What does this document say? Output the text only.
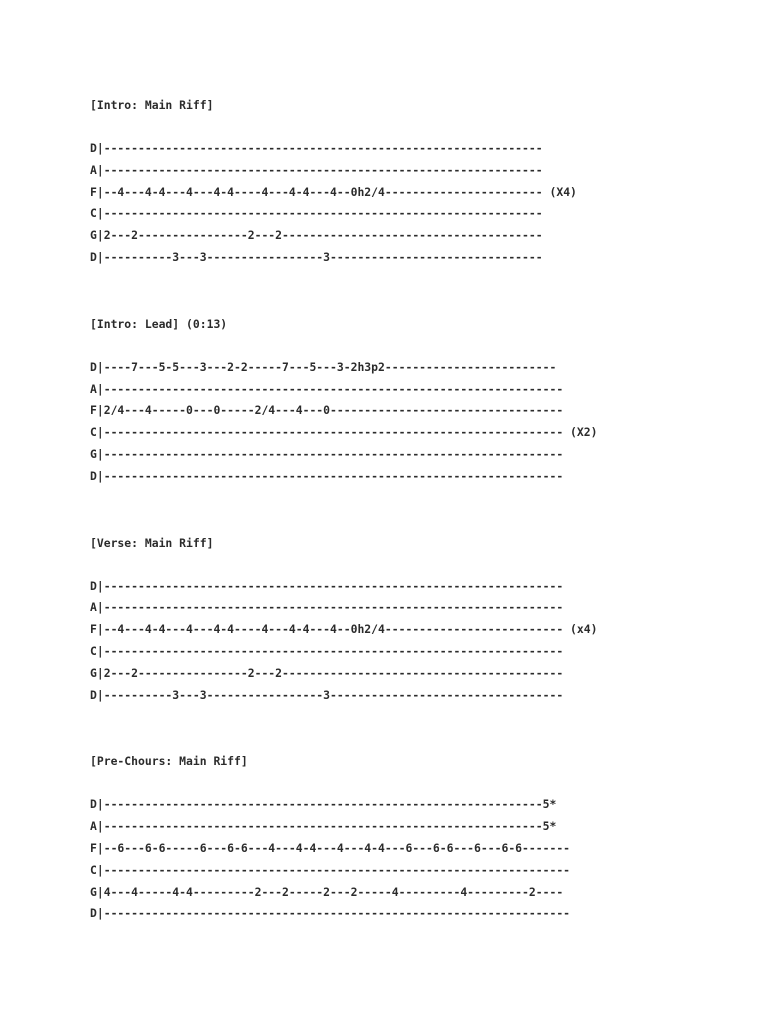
[Intro: Main Riff]
D|----------------------------------------------------------------
A|----------------------------------------------------------------
F|--4---4-4---4---4-4----4---4-4---4--0h2/4----------------------- (X4)
C|----------------------------------------------------------------
G|2---2----------------2---2--------------------------------------
D|----------3---3-----------------3-------------------------------
[Intro: Lead] (0:13)
D|----7---5-5---3---2-2-----7---5---3-2h3p2-------------------------
A|-------------------------------------------------------------------
F|2/4---4-----0---0-----2/4---4---0----------------------------------
C|------------------------------------------------------------------- (X2)
G|-------------------------------------------------------------------
D|-------------------------------------------------------------------
[Verse: Main Riff]
D|-------------------------------------------------------------------
A|-------------------------------------------------------------------
F|--4---4-4---4---4-4----4---4-4---4--0h2/4-------------------------- (x4)
C|-------------------------------------------------------------------
G|2---2----------------2---2-----------------------------------------
D|----------3---3-----------------3----------------------------------
[Pre-Chours: Main Riff]
D|----------------------------------------------------------------5*
A|----------------------------------------------------------------5*
F|--6---6-6-----6---6-6---4---4-4---4---4-4---6---6-6---6---6-6-------
C|--------------------------------------------------------------------
G|4---4-----4-4---------2---2-----2---2-----4---------4---------2----
D|--------------------------------------------------------------------
